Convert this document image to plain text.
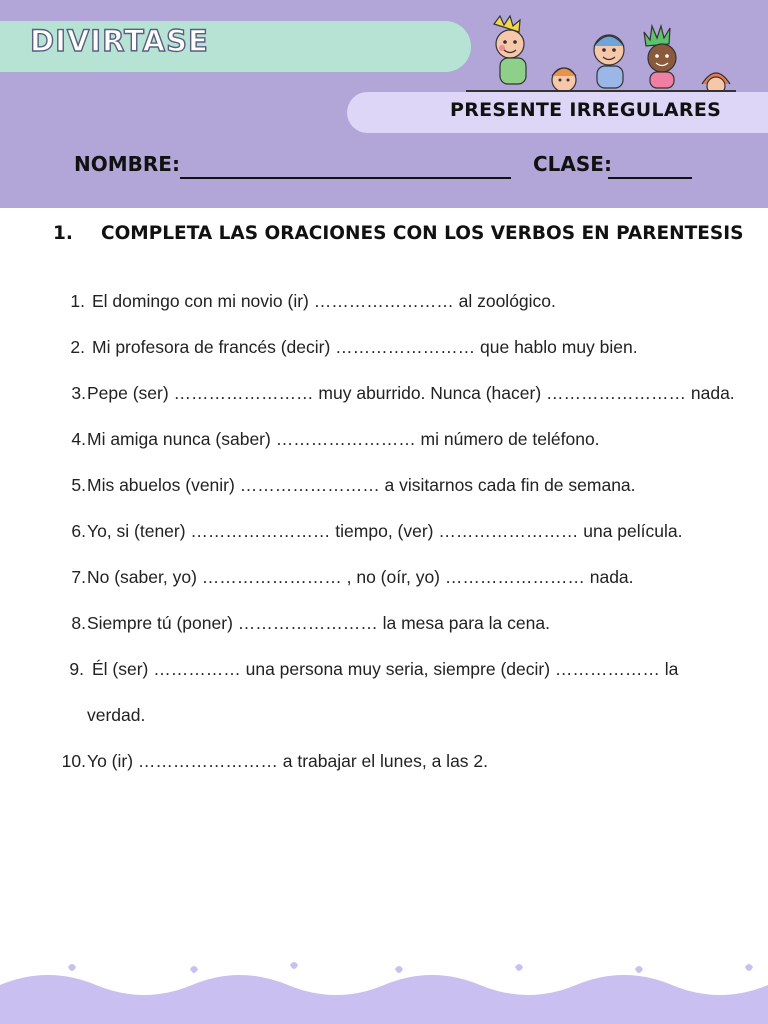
DIVIRTASE
PRESENTE IRREGULARES
NOMBRE:	CLASE:
1. COMPLETA LAS ORACIONES CON LOS VERBOS EN PARENTESIS
1. El domingo con mi novio (ir) …………………… al zoológico.
2. Mi profesora de francés (decir) …………………… que hablo muy bien.
3. Pepe (ser) …………………… muy aburrido. Nunca (hacer) …………………… nada.
4. Mi amiga nunca (saber) …………………… mi número de teléfono.
5. Mis abuelos (venir) …………………… a visitarnos cada fin de semana.
6. Yo, si (tener) …………………… tiempo, (ver) …………………… una película.
7. No (saber, yo) …………………… , no (oír, yo) …………………… nada.
8. Siempre tú (poner) …………………… la mesa para la cena.
9. Él (ser) …………… una persona muy seria, siempre (decir) ……………… la
verdad.
10. Yo (ir) …………………… a trabajar el lunes, a las 2.
